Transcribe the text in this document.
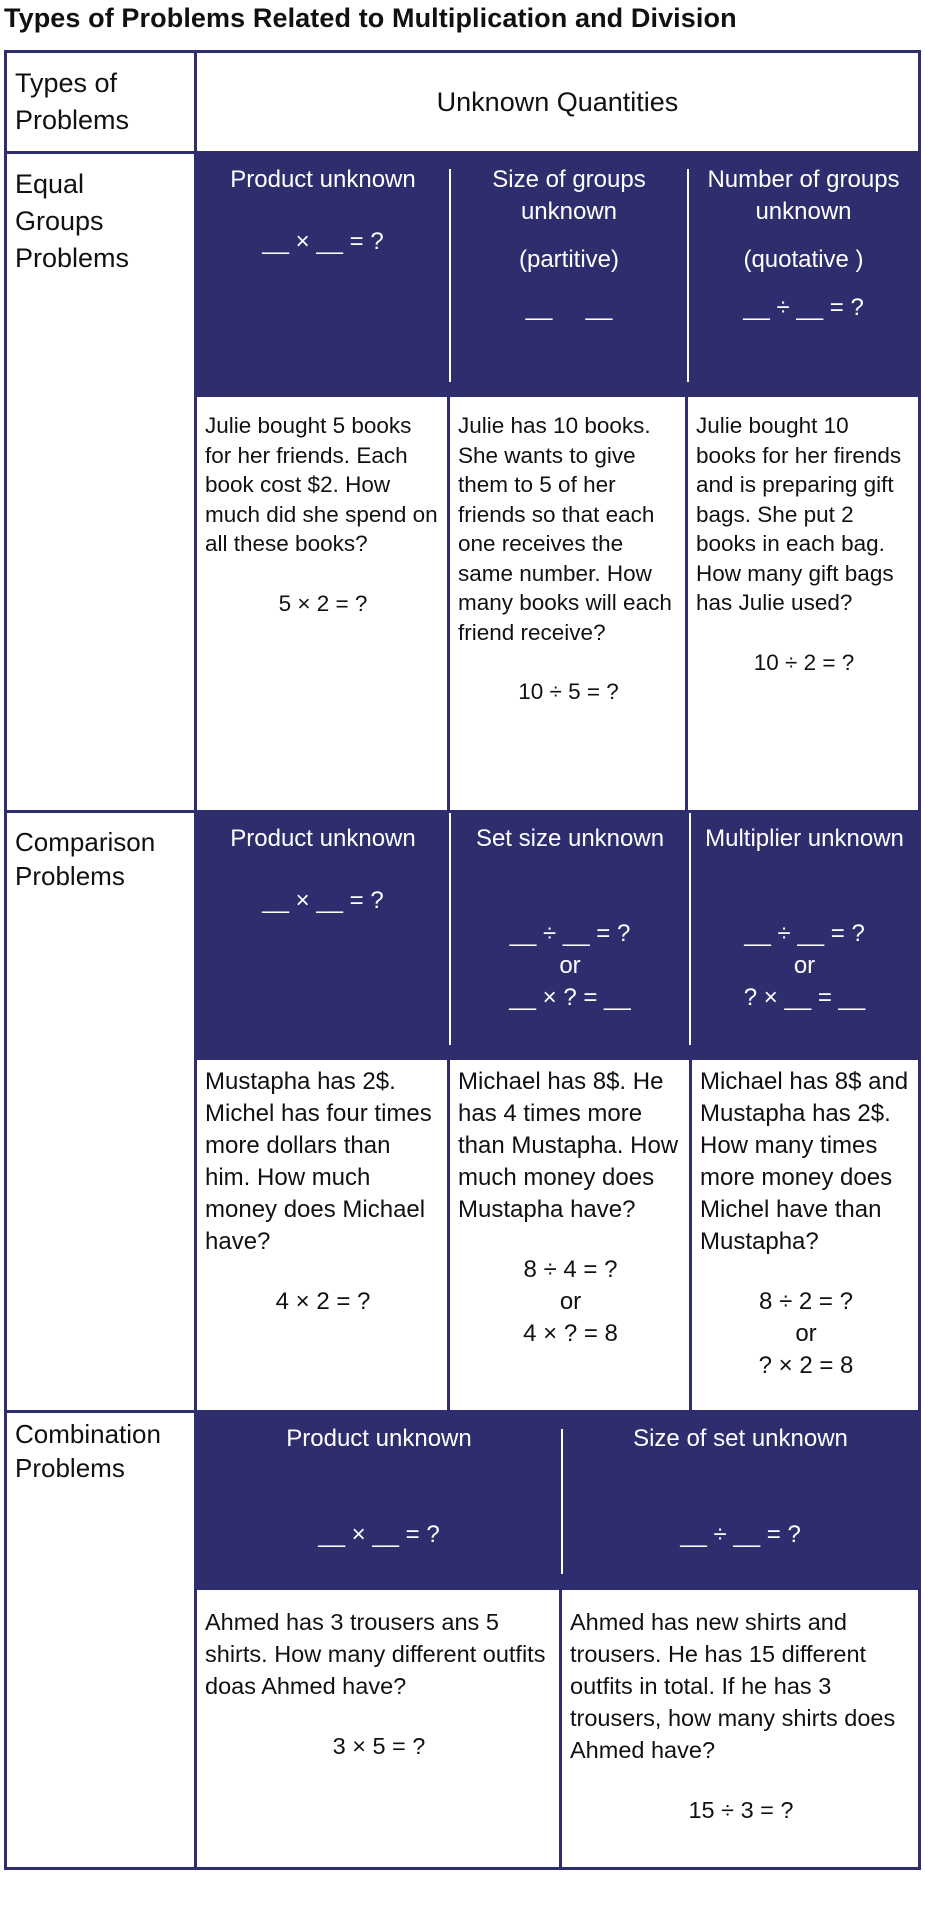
Types of Problems Related to Multiplication and Division
Types of Problems
Unknown Quantities
Equal Groups Problems
Product unknown
__ × __ = ?
Size of groups unknown
(partitive)
__     __
Number of groups unknown
(quotative )
__ ÷ __ = ?
Julie bought 5 books for her friends. Each book cost $2. How much did she spend on all these books?
5 × 2 = ?
Julie has 10 books. She wants to give them to 5 of her friends so that each one receives the same number. How many books will each friend receive?
10 ÷ 5 = ?
Julie bought 10 books for her firends and is preparing gift bags. She put 2 books in each bag. How many gift bags has Julie used?
10 ÷ 2 = ?
Comparison Problems
Product unknown
__ × __ = ?
Set size unknown
__ ÷ __ = ?
or
__ × ? = __
Multiplier unknown
__ ÷ __ = ?
or
? × __ = __
Mustapha has 2$. Michel has four times more dollars than him. How much money does Michael have?
4 × 2 = ?
Michael has 8$. He has 4 times more than Mustapha. How much money does Mustapha have?
8 ÷ 4 = ?
or
4 × ? = 8
Michael has 8$ and Mustapha has 2$. How many times more money does Michel have than Mustapha?
8 ÷ 2 = ?
or
? × 2 = 8
Combination Problems
Product unknown
__ × __ = ?
Size of set unknown
__ ÷ __ = ?
Ahmed has 3 trousers ans 5 shirts. How many different outfits doas Ahmed have?
3 × 5 = ?
Ahmed has new shirts and trousers. He has 15 different outfits in total. If he has 3 trousers, how many shirts does Ahmed have?
15 ÷ 3 = ?
